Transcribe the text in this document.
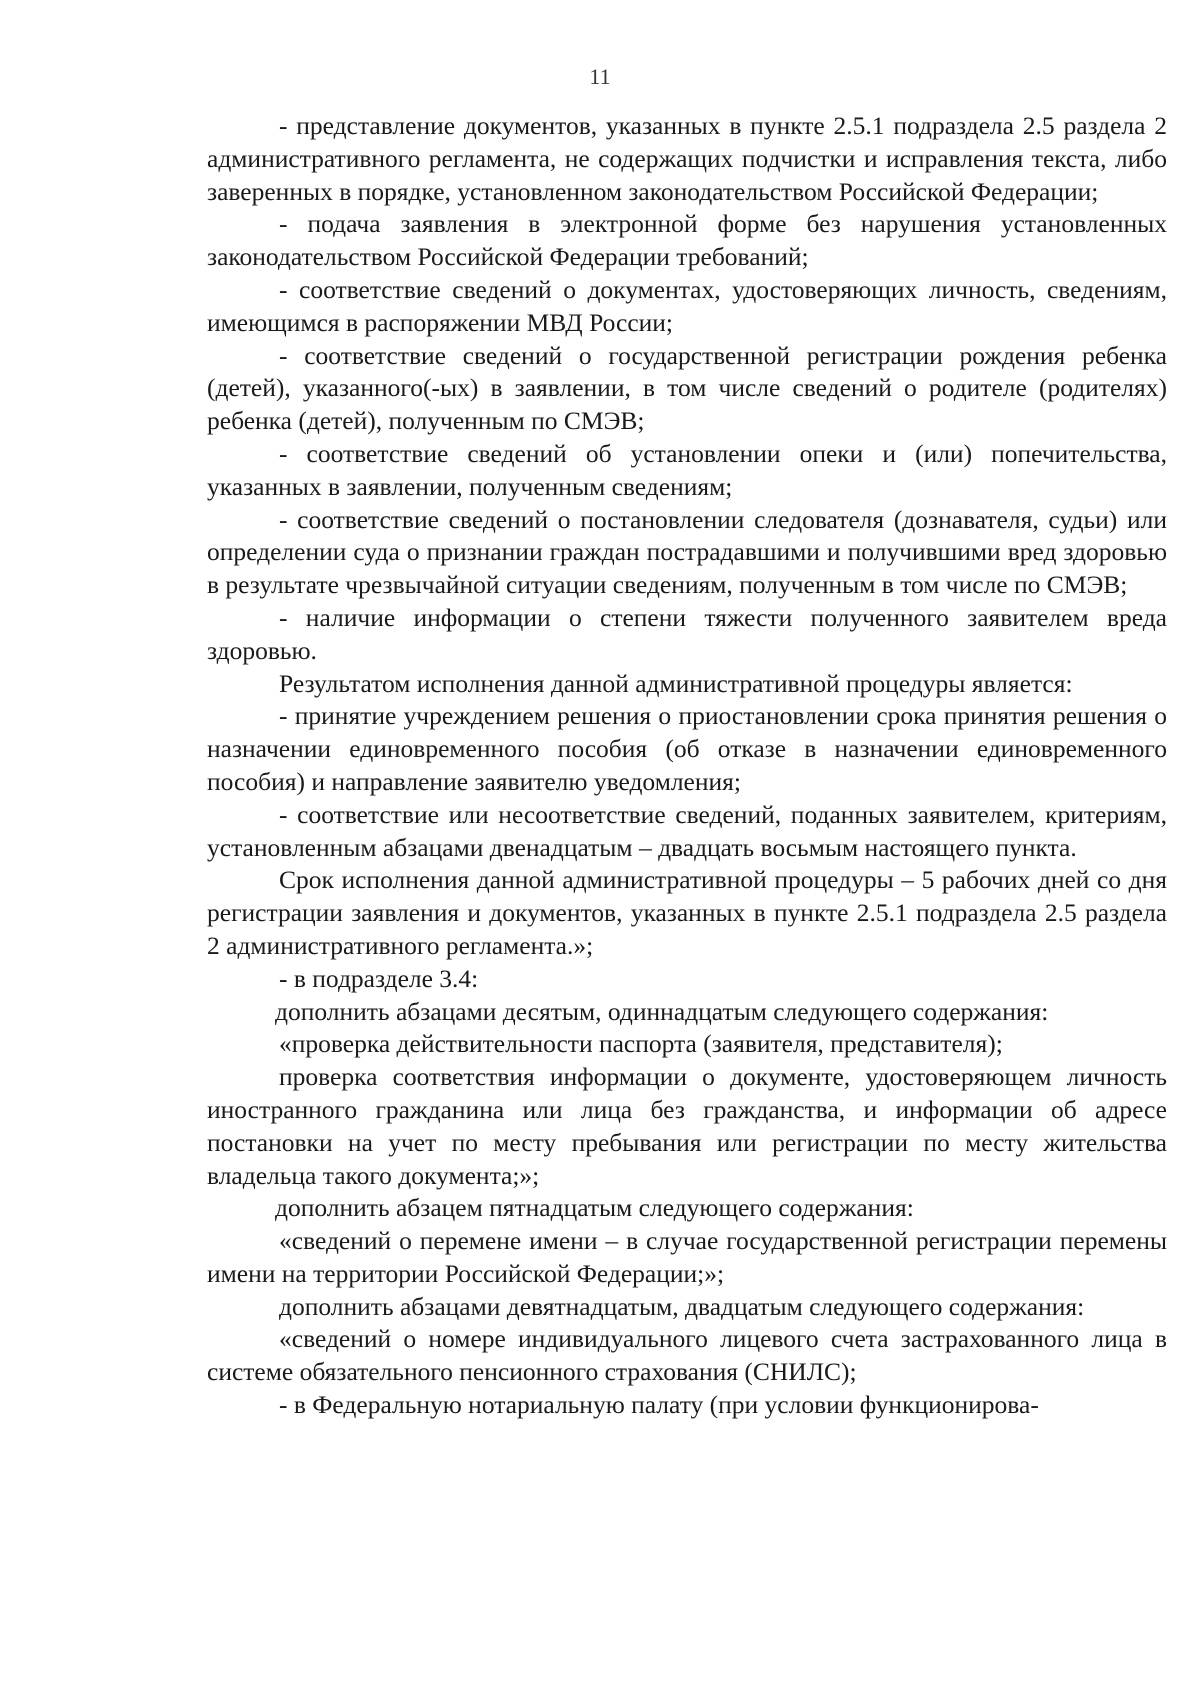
11

- представление документов, указанных в пункте 2.5.1 подраздела 2.5 раздела 2 административного регламента, не содержащих подчистки и исправления текста, либо заверенных в порядке, установленном законодательством Российской Федерации;

- подача заявления в электронной форме без нарушения установленных законодательством Российской Федерации требований;

- соответствие сведений о документах, удостоверяющих личность, сведениям, имеющимся в распоряжении МВД России;

- соответствие сведений о государственной регистрации рождения ребенка (детей), указанного(-ых) в заявлении, в том числе сведений о родителе (родителях) ребенка (детей), полученным по СМЭВ;

- соответствие сведений об установлении опеки и (или) попечительства, указанных в заявлении, полученным сведениям;

- соответствие сведений о постановлении следователя (дознавателя, судьи) или определении суда о признании граждан пострадавшими и получившими вред здоровью в результате чрезвычайной ситуации сведениям, полученным в том числе по СМЭВ;

- наличие информации о степени тяжести полученного заявителем вреда здоровью.

Результатом исполнения данной административной процедуры является:

- принятие учреждением решения о приостановлении срока принятия решения о назначении единовременного пособия (об отказе в назначении единовременного пособия) и направление заявителю уведомления;

- соответствие или несоответствие сведений, поданных заявителем, критериям, установленным абзацами двенадцатым – двадцать восьмым настоящего пункта.

Срок исполнения данной административной процедуры – 5 рабочих дней со дня регистрации заявления и документов, указанных в пункте 2.5.1 подраздела 2.5 раздела 2 административного регламента.»;

- в подразделе 3.4:

дополнить абзацами десятым, одиннадцатым следующего содержания:

«проверка действительности паспорта (заявителя, представителя);

проверка соответствия информации о документе, удостоверяющем личность иностранного гражданина или лица без гражданства, и информации об адресе постановки на учет по месту пребывания или регистрации по месту жительства владельца такого документа;»;

дополнить абзацем пятнадцатым следующего содержания:

«сведений о перемене имени – в случае государственной регистрации перемены имени на территории Российской Федерации;»;

дополнить абзацами девятнадцатым, двадцатым следующего содержания:

«сведений о номере индивидуального лицевого счета застрахованного лица в системе обязательного пенсионного страхования (СНИЛС);

- в Федеральную нотариальную палату (при условии функционирова-
